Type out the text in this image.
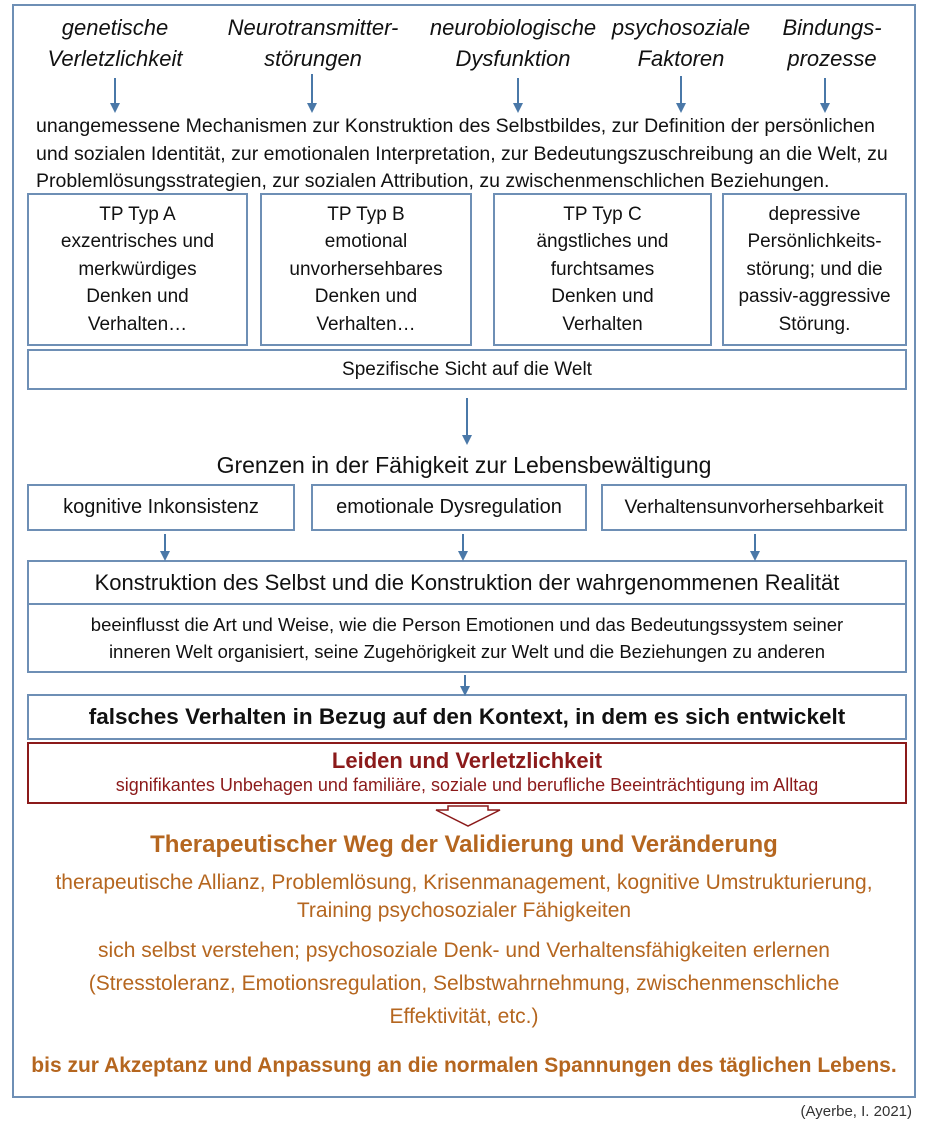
genetische
Verletzlichkeit
Neurotransmitter-
störungen
neurobiologische
Dysfunktion
psychosoziale
Faktoren
Bindungs-
prozesse
unangemessene Mechanismen zur Konstruktion des Selbstbildes, zur Definition der persönlichen
und sozialen Identität, zur emotionalen Interpretation, zur Bedeutungszuschreibung an die Welt, zu
Problemlösungsstrategien, zur sozialen Attribution, zu zwischenmenschlichen Beziehungen.
TP Typ A
exzentrisches und
merkwürdiges
Denken und
Verhalten…
TP Typ B
emotional
unvorhersehbares
Denken und
Verhalten…
TP Typ C
ängstliches und
furchtsames
Denken und
Verhalten
depressive
Persönlichkeits-
störung; und die
passiv-aggressive
Störung.
Spezifische Sicht auf die Welt
Grenzen in der Fähigkeit zur Lebensbewältigung
kognitive Inkonsistenz	emotionale Dysregulation	Verhaltensunvorhersehbarkeit
Konstruktion des Selbst und die Konstruktion der wahrgenommenen Realität
beeinflusst die Art und Weise, wie die Person Emotionen und das Bedeutungssystem seiner
inneren Welt organisiert, seine Zugehörigkeit zur Welt und die Beziehungen zu anderen
falsches Verhalten in Bezug auf den Kontext, in dem es sich entwickelt
Leiden und Verletzlichkeit
signifikantes Unbehagen und familiäre, soziale und berufliche Beeinträchtigung im Alltag
Therapeutischer Weg der Validierung und Veränderung
therapeutische Allianz, Problemlösung, Krisenmanagement, kognitive Umstrukturierung,
Training psychosozialer Fähigkeiten
sich selbst verstehen; psychosoziale Denk- und Verhaltensfähigkeiten erlernen
(Stresstoleranz, Emotionsregulation, Selbstwahrnehmung, zwischenmenschliche
Effektivität, etc.)
bis zur Akzeptanz und Anpassung an die normalen Spannungen des täglichen Lebens.
(Ayerbe, I. 2021)
